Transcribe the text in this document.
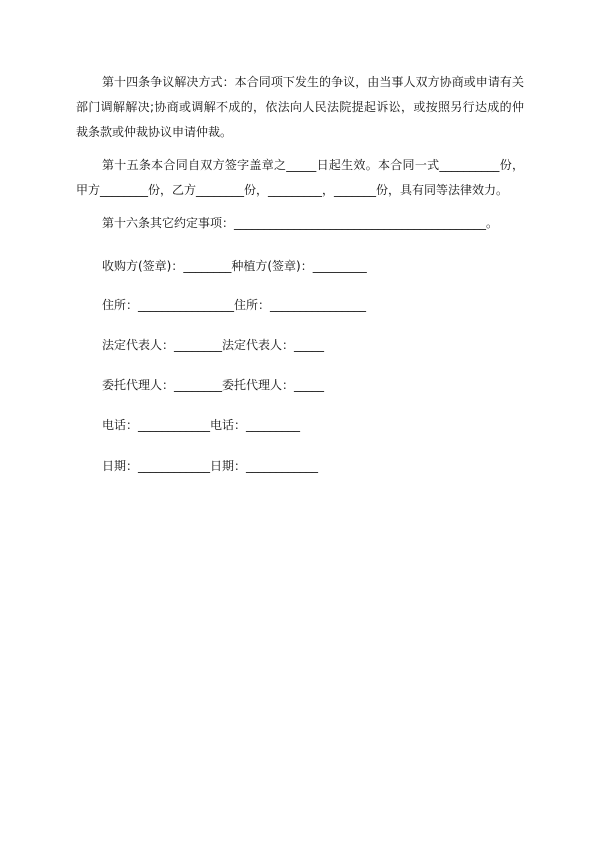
第十四条争议解决方式：本合同项下发生的争议，由当事人双方协商或申请有关部门调解解决;协商或调解不成的，依法向人民法院提起诉讼，或按照另行达成的仲裁条款或仲裁协议申请仲裁。

第十五条本合同自双方签字盖章之_____日起生效。本合同一式__________份，甲方________份，乙方________份，_________，_______份，具有同等法律效力。

第十六条其它约定事项：__________________________________________。

收购方(签章)：________种植方(签章)：_________

住所：________________住所：________________

法定代表人：________法定代表人：_____

委托代理人：________委托代理人：_____

电话：____________电话：_________

日期：____________日期：____________
